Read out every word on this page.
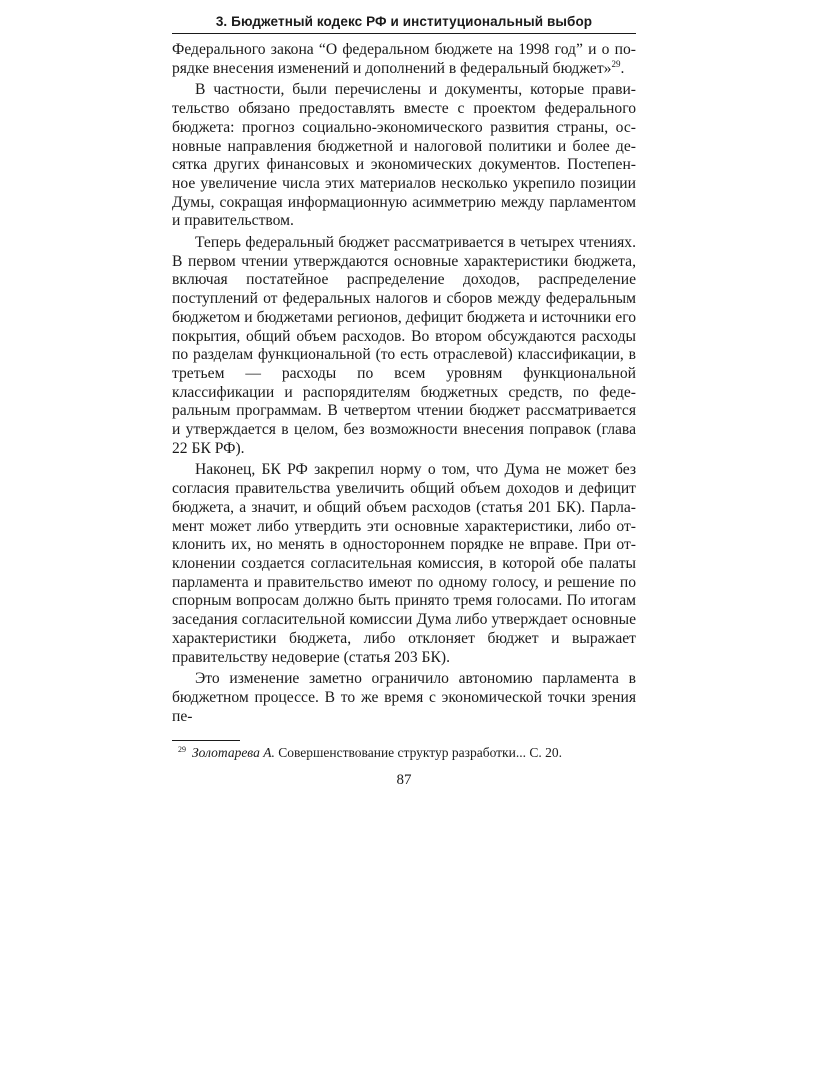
3. Бюджетный кодекс РФ и институциональный выбор

Федерального закона “О федеральном бюджете на 1998 год” и о порядке внесения изменений и дополнений в федеральный бюджет»$^{29}$.

В частности, были перечислены и документы, которые правительство обязано предоставлять вместе с проектом федерального бюджета: прогноз социально-экономического развития страны, основные направления бюджетной и налоговой политики и более десятка других финансовых и экономических документов. Постепенное увеличение числа этих материалов несколько укрепило позиции Думы, сокращая информационную асимметрию между парламентом и правительством.

Теперь федеральный бюджет рассматривается в четырех чтениях. В первом чтении утверждаются основные характеристики бюджета, включая постатейное распределение доходов, распределение поступлений от федеральных налогов и сборов между федеральным бюджетом и бюджетами регионов, дефицит бюджета и источники его покрытия, общий объем расходов. Во втором обсуждаются расходы по разделам функциональной (то есть отраслевой) классификации, в третьем — расходы по всем уровням функциональной классификации и распорядителям бюджетных средств, по федеральным программам. В четвертом чтении бюджет рассматривается и утверждается в целом, без возможности внесения поправок (глава 22 БК РФ).

Наконец, БК РФ закрепил норму о том, что Дума не может без согласия правительства увеличить общий объем доходов и дефицит бюджета, а значит, и общий объем расходов (статья 201 БК). Парламент может либо утвердить эти основные характеристики, либо отклонить их, но менять в одностороннем порядке не вправе. При отклонении создается согласительная комиссия, в которой обе палаты парламента и правительство имеют по одному голосу, и решение по спорным вопросам должно быть принято тремя голосами. По итогам заседания согласительной комиссии Дума либо утверждает основные характеристики бюджета, либо отклоняет бюджет и выражает правительству недоверие (статья 203 БК).

Это изменение заметно ограничило автономию парламента в бюджетном процессе. В то же время с экономической точки зрения пе-

$^{29}$ Золотарева А. Совершенствование структур разработки... С. 20.
87
